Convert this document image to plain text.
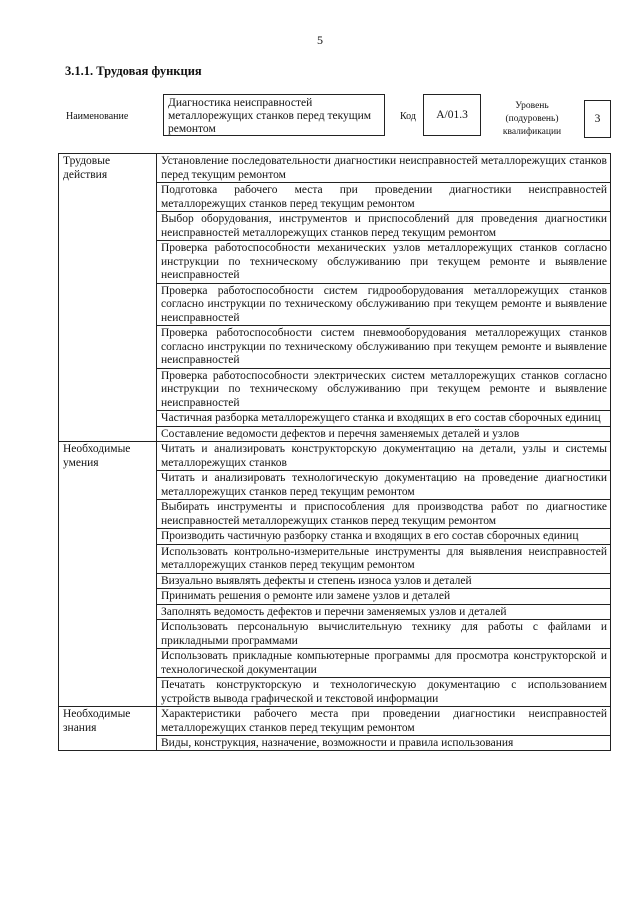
5
3.1.1. Трудовая функция
Наименование
Диагностика неисправностей металлорежущих станков перед текущим ремонтом
Код	A/01.3
Уровень (подуровень) квалификации
3
Трудовые действия	Установление последовательности диагностики неисправностей металлорежущих станков перед текущим ремонтом
	Подготовка рабочего места при проведении диагностики неисправностей металлорежущих станков перед текущим ремонтом
	Выбор оборудования, инструментов и приспособлений для проведения диагностики неисправностей металлорежущих станков перед текущим ремонтом
	Проверка работоспособности механических узлов металлорежущих станков согласно инструкции по техническому обслуживанию при текущем ремонте и выявление неисправностей
	Проверка работоспособности систем гидрооборудования металлорежущих станков согласно инструкции по техническому обслуживанию при текущем ремонте и выявление неисправностей
	Проверка работоспособности систем пневмооборудования металлорежущих станков согласно инструкции по техническому обслуживанию при текущем ремонте и выявление неисправностей
	Проверка работоспособности электрических систем металлорежущих станков согласно инструкции по техническому обслуживанию при текущем ремонте и выявление неисправностей
	Частичная разборка металлорежущего станка и входящих в его состав сборочных единиц
	Составление ведомости дефектов и перечня заменяемых деталей и узлов
Необходимые умения	Читать и анализировать конструкторскую документацию на детали, узлы и системы металлорежущих станков
	Читать и анализировать технологическую документацию на проведение диагностики металлорежущих станков перед текущим ремонтом
	Выбирать инструменты и приспособления для производства работ по диагностике неисправностей металлорежущих станков перед текущим ремонтом
	Производить частичную разборку станка и входящих в его состав сборочных единиц
	Использовать контрольно-измерительные инструменты для выявления неисправностей металлорежущих станков перед текущим ремонтом
	Визуально выявлять дефекты и степень износа узлов и деталей
	Принимать решения о ремонте или замене узлов и деталей
	Заполнять ведомость дефектов и перечни заменяемых узлов и деталей
	Использовать персональную вычислительную технику для работы с файлами и прикладными программами
	Использовать прикладные компьютерные программы для просмотра конструкторской и технологической документации
	Печатать конструкторскую и технологическую документацию с использованием устройств вывода графической и текстовой информации
Необходимые знания	Характеристики рабочего места при проведении диагностики неисправностей металлорежущих станков перед текущим ремонтом

	Виды, конструкция, назначение, возможности и правила использования
